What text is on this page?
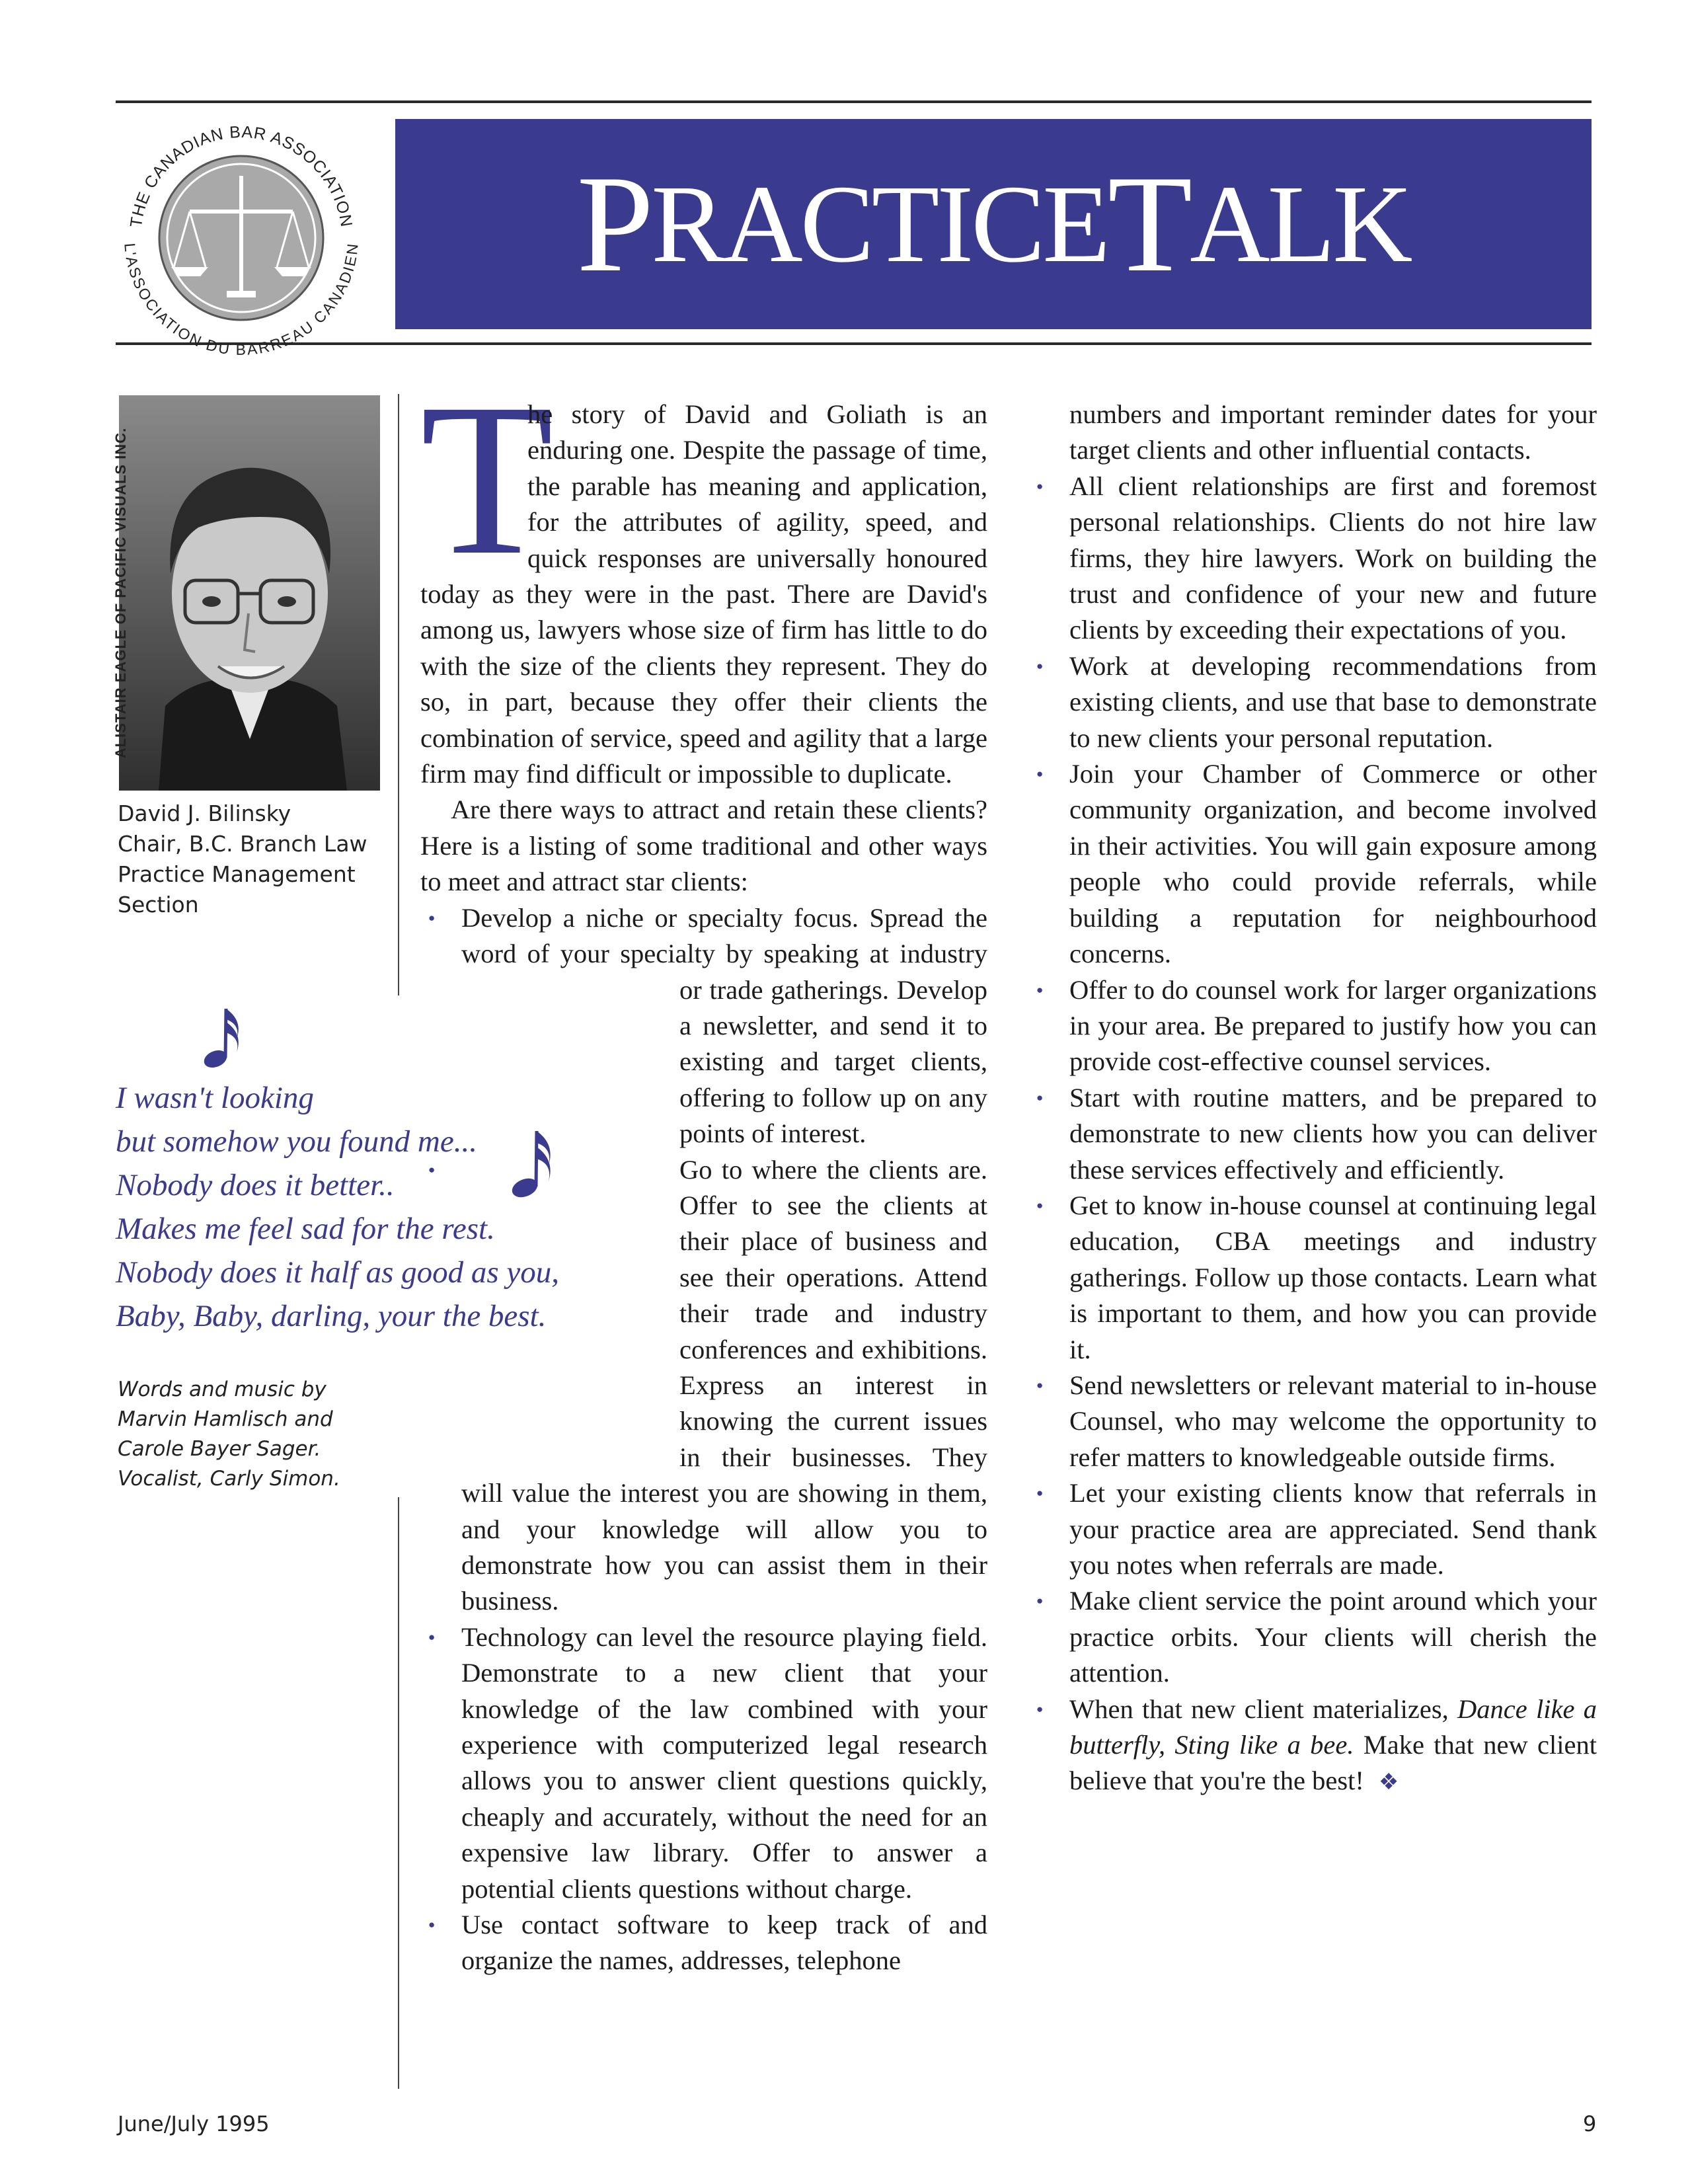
THE CANADIAN BAR ASSOCIATION
L'ASSOCIATION DU BARREAU CANADIEN P RACTICE T ALK
ALISTAIR EAGLE OF PACIFIC VISUALS INC.
David J. Bilinsky
Chair, B.C. Branch Law
Practice Management
Section
I wasn't looking
but somehow you found me...
Nobody does it better..
Makes me feel sad for the rest.
Nobody does it half as good as you,
Baby, Baby, darling, your the best.
Words and music by
Marvin Hamlisch and
Carole Bayer Sager.
Vocalist, Carly Simon.
T

he story of David and Goliath is an enduring one. Despite the passage of time, the parable has meaning and application, for the attributes of agility, speed, and quick responses are universally honoured today as they were in the past. There are David's among us, lawyers whose size of firm has little to do with the size of the clients they represent. They do so, in part, because they offer their clients the combination of service, speed and agility that a large firm may find difficult or impossible to duplicate.

Are there ways to attract and retain these clients? Here is a listing of some traditional and other ways to meet and attract star clients:

● Develop a niche or specialty focus. Spread the word of your specialty by speaking at
industry or trade gatherings. Develop a newsletter, and send it to existing and target clients, offering to follow up on any points of interest.

● Go to where the clients are. Offer to see the clients at their place of business and see their operations. Attend their trade and industry conferences and exhibitions. Express an interest in knowing the current issues in their businesses. They will value the interest you are showing in them, and your knowledge will allow you to demonstrate how you can assist them in their business.

● Technology can level the resource playing field. Demonstrate to a new client that your knowledge of the law combined with your experience with computerized legal research allows you to answer client questions quickly, cheaply and accurately, without the need for an expensive law library. Offer to answer a potential clients questions without charge.

● Use contact software to keep track of and organize the names, addresses, telephone

numbers and important reminder dates for your target clients and other influential contacts.

● All client relationships are first and foremost personal relationships. Clients do not hire law firms, they hire lawyers. Work on building the trust and confidence of your new and future clients by exceeding their expectations of you.

● Work at developing recommendations from existing clients, and use that base to demonstrate to new clients your personal reputation.

● Join your Chamber of Commerce or other community organization, and become involved in their activities. You will gain exposure among people who could provide referrals, while building a reputation for neighbourhood concerns.

● Offer to do counsel work for larger organizations in your area. Be prepared to justify how you can provide cost-effective counsel services.

● Start with routine matters, and be prepared to demonstrate to new clients how you can deliver these services effectively and efficiently.

● Get to know in-house counsel at continuing legal education, CBA meetings and industry gatherings. Follow up those contacts. Learn what is important to them, and how you can provide it.

● Send newsletters or relevant material to in-house Counsel, who may welcome the opportunity to refer matters to knowledgeable outside firms.

● Let your existing clients know that referrals in your practice area are appreciated. Send thank you notes when referrals are made.

● Make client service the point around which your practice orbits. Your clients will cherish the attention.

● When that new client materializes, Dance like a butterfly, Sting like a bee. Make that new client believe that you're the best! ❖

June/July 1995	9
